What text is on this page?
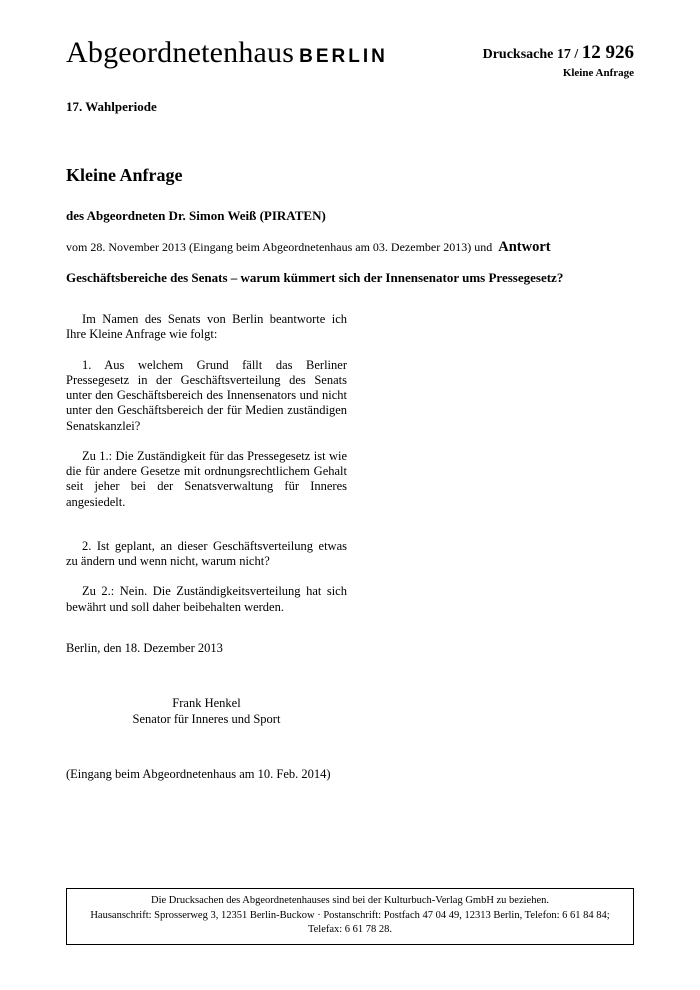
Abgeordnetenhaus BERLIN	Drucksache 17 / 12 926
Kleine Anfrage
17. Wahlperiode
Kleine Anfrage
des Abgeordneten Dr. Simon Weiß (PIRATEN)
vom 28. November 2013 (Eingang beim Abgeordnetenhaus am 03. Dezember 2013) und Antwort
Geschäftsbereiche des Senats – warum kümmert sich der Innensenator ums Pressegesetz?

Im Namen des Senats von Berlin beantworte ich Ihre Kleine Anfrage wie folgt:

1. Aus welchem Grund fällt das Berliner Pressegesetz in der Geschäftsverteilung des Senats unter den Geschäftsbereich des Innensenators und nicht unter den Geschäftsbereich der für Medien zuständigen Senatskanzlei?

Zu 1.: Die Zuständigkeit für das Pressegesetz ist wie die für andere Gesetze mit ordnungsrechtlichem Gehalt seit jeher bei der Senatsverwaltung für Inneres angesiedelt.

2. Ist geplant, an dieser Geschäftsverteilung etwas zu ändern und wenn nicht, warum nicht?

Zu 2.: Nein. Die Zuständigkeitsverteilung hat sich bewährt und soll daher beibehalten werden.

Berlin, den 18. Dezember 2013

Frank Henkel
Senator für Inneres und Sport

(Eingang beim Abgeordnetenhaus am 10. Feb. 2014)

Die Drucksachen des Abgeordnetenhauses sind bei der Kulturbuch-Verlag GmbH zu beziehen.
Hausanschrift: Sprosserweg 3, 12351 Berlin-Buckow · Postanschrift: Postfach 47 04 49, 12313 Berlin, Telefon: 6 61 84 84; Telefax: 6 61 78 28.
